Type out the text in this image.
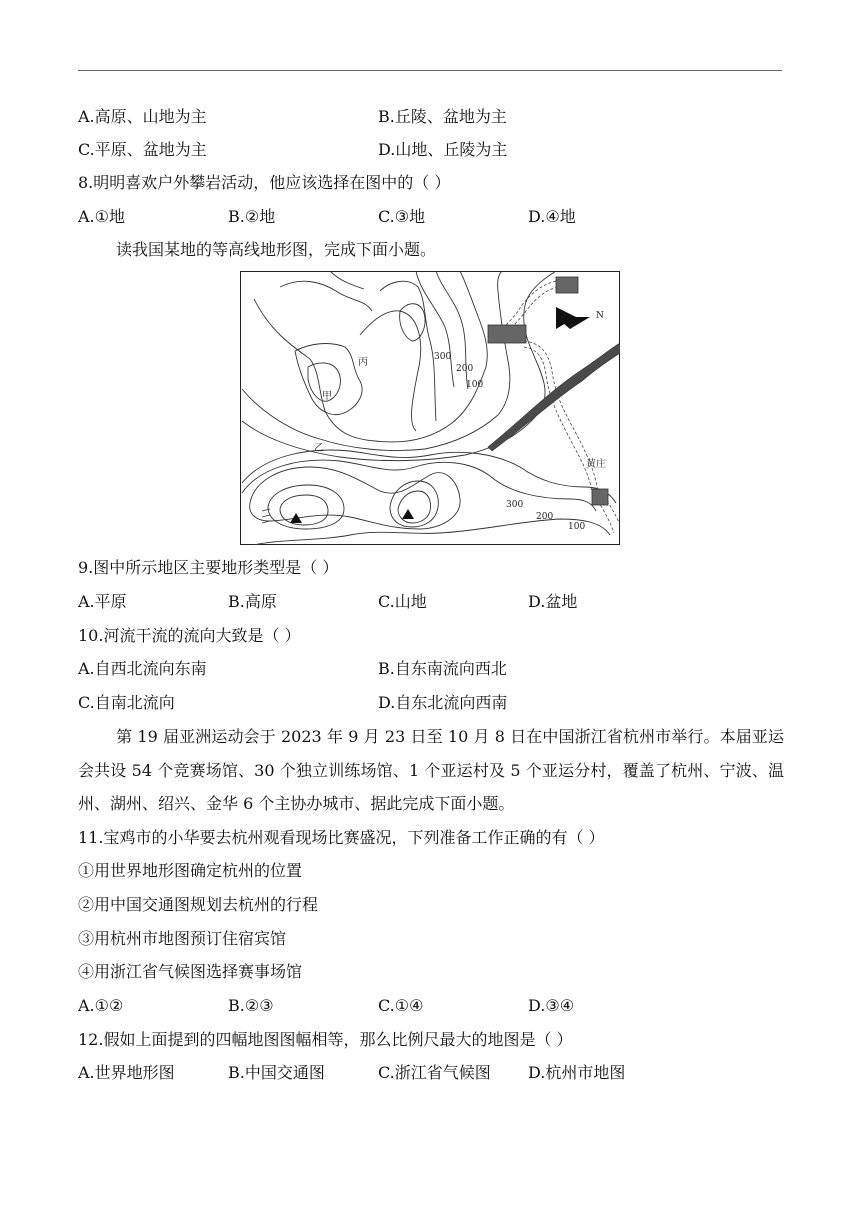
A.高原、山地为主	B.丘陵、盆地为主
C.平原、盆地为主	D.山地、丘陵为主
8.明明喜欢户外攀岩活动，他应该选择在图中的（ ）
A.①地	B.②地	C.③地	D.④地
读我国某地的等高线地形图，完成下面小题。
N
300
200
100
300
200
100
丙
甲
乙
黄庄
9.图中所示地区主要地形类型是（ ）
A.平原	B.高原	C.山地	D.盆地
10.河流干流的流向大致是（ ）
A.自西北流向东南	B.自东南流向西北
C.自南北流向	D.自东北流向西南
第 19 届亚洲运动会于 2023 年 9 月 23 日至 10 月 8 日在中国浙江省杭州市举行。本届亚运会共设 54 个竞赛场馆、30 个独立训练场馆、1 个亚运村及 5 个亚运分村，覆盖了杭州、宁波、温州、湖州、绍兴、金华 6 个主协办城市、据此完成下面小题。
11.宝鸡市的小华要去杭州观看现场比赛盛况，下列准备工作正确的有（ ）
①用世界地形图确定杭州的位置
②用中国交通图规划去杭州的行程
③用杭州市地图预订住宿宾馆
④用浙江省气候图选择赛事场馆
A.①②	B.②③	C.①④	D.③④
12.假如上面提到的四幅地图图幅相等，那么比例尺最大的地图是（ ）
A.世界地形图	B.中国交通图	C.浙江省气候图 D.杭州市地图
